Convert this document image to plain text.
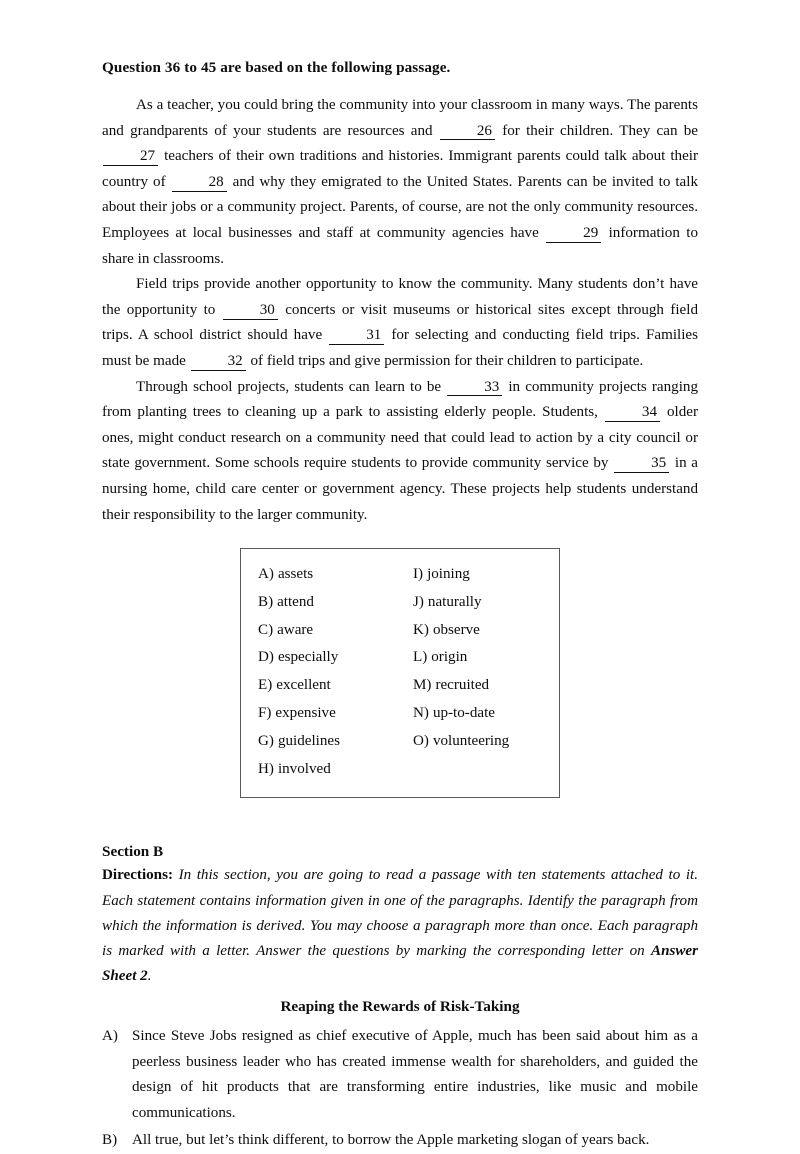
Question 36 to 45 are based on the following passage.

As a teacher, you could bring the community into your classroom in many ways. The parents and grandparents of your students are resources and	26 for their children. They can be 27 teachers of their own traditions and histories. Immigrant parents could talk about their country of	28 and why they emigrated to the United States. Parents can be invited to talk about their jobs or a community project. Parents, of course, are not the only community resources. Employees at local businesses and staff at community agencies have	29 information to share in classrooms.

Field trips provide another opportunity to know the community. Many students don’t have the opportunity to	30 concerts or visit museums or historical sites except through field trips. A school district should have	31 for selecting and conducting field trips. Families must be made	32 of field trips and give permission for their children to participate.

Through school projects, students can learn to be	33 in community projects ranging from planting trees to cleaning up a park to assisting elderly people. Students,	34 older ones, might conduct research on a community need that could lead to action by a city council or state government. Some schools require students to provide community service by	35 in a nursing home, child care center or government agency. These projects help students understand their responsibility to the larger community.

A) assets
B) attend
C) aware
D) especially
E) excellent
F) expensive
G) guidelines
H) involved
I) joining
J) naturally
K) observe
L) origin
M) recruited
N) up-to-date
O) volunteering

Section B

Directions: In this section, you are going to read a passage with ten statements attached to it. Each statement contains information given in one of the paragraphs. Identify the paragraph from which the information is derived. You may choose a paragraph more than once. Each paragraph is marked with a letter. Answer the questions by marking the corresponding letter on Answer Sheet 2.

Reaping the Rewards of Risk-Taking

A) Since Steve Jobs resigned as chief executive of Apple, much has been said about him as a peerless business leader who has created immense wealth for shareholders, and guided the design of hit products that are transforming entire industries, like music and mobile communications.
B) All true, but let’s think different, to borrow the Apple marketing slogan of years back.
